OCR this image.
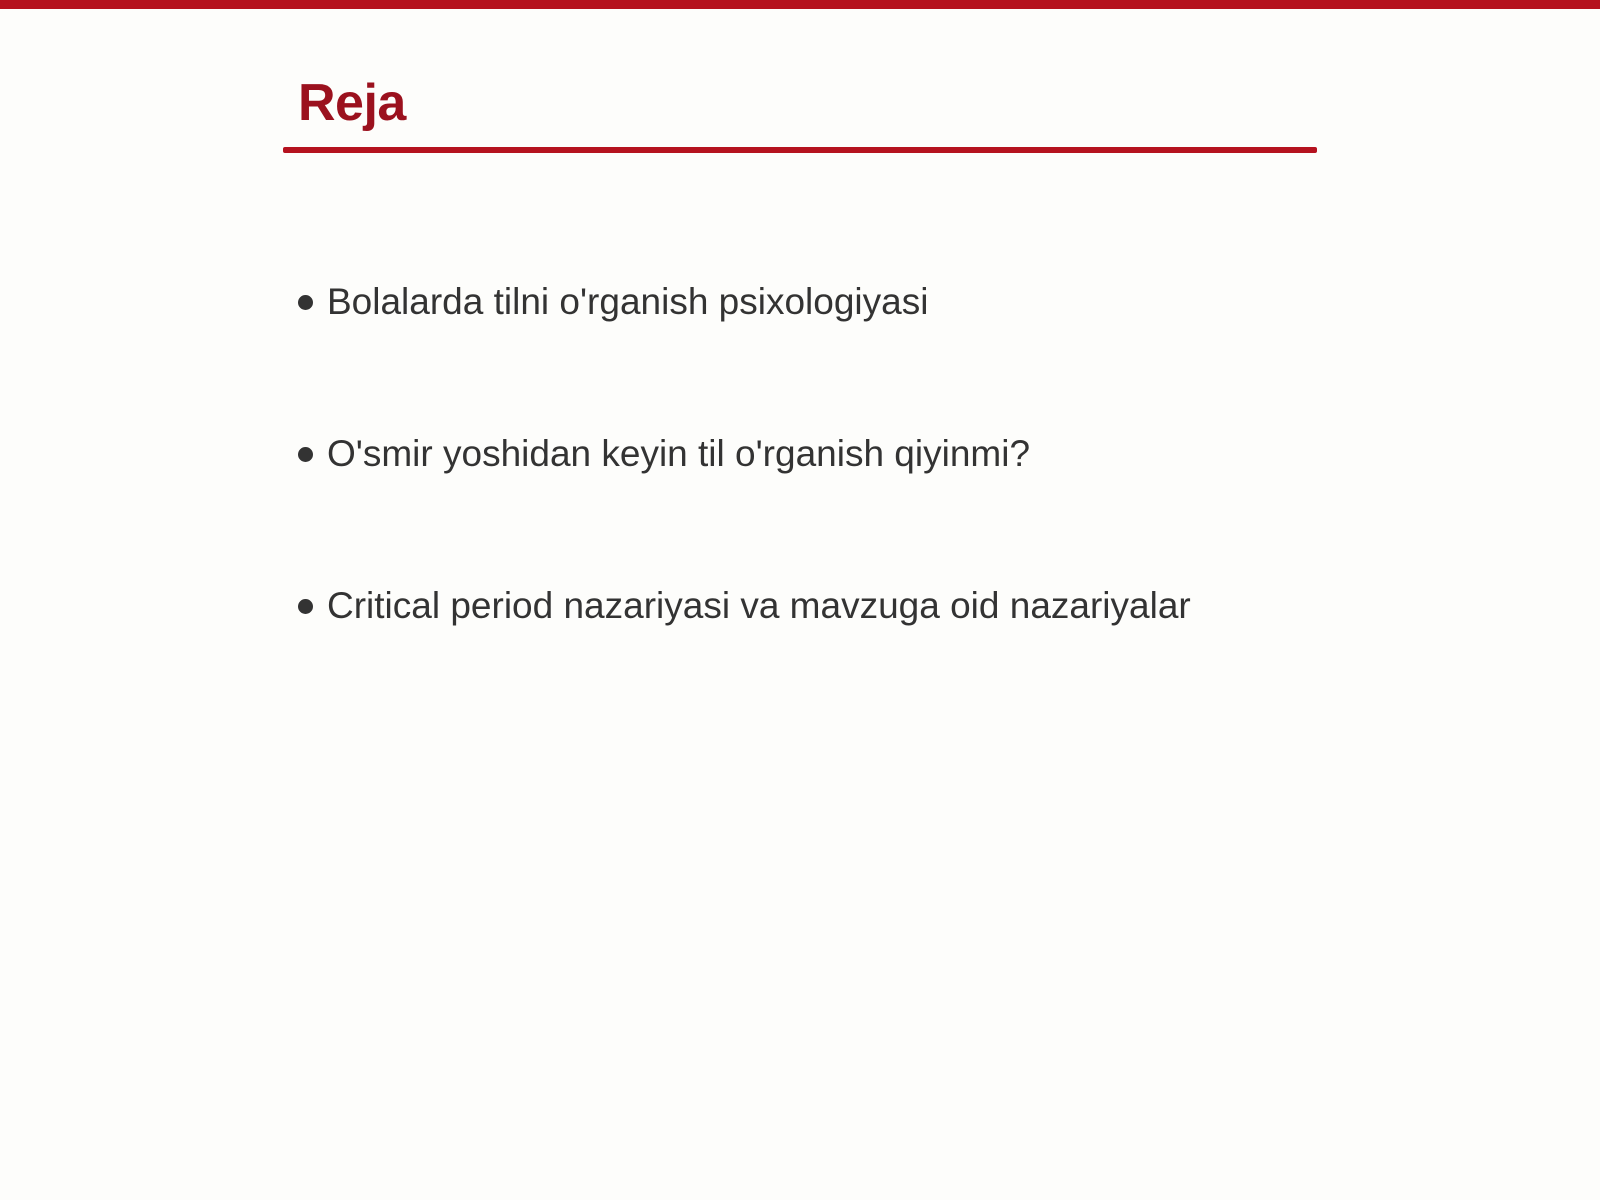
Reja
Bolalarda tilni o'rganish psixologiyasi
O'smir yoshidan keyin til o'rganish qiyinmi?
Critical period nazariyasi va mavzuga oid nazariyalar
